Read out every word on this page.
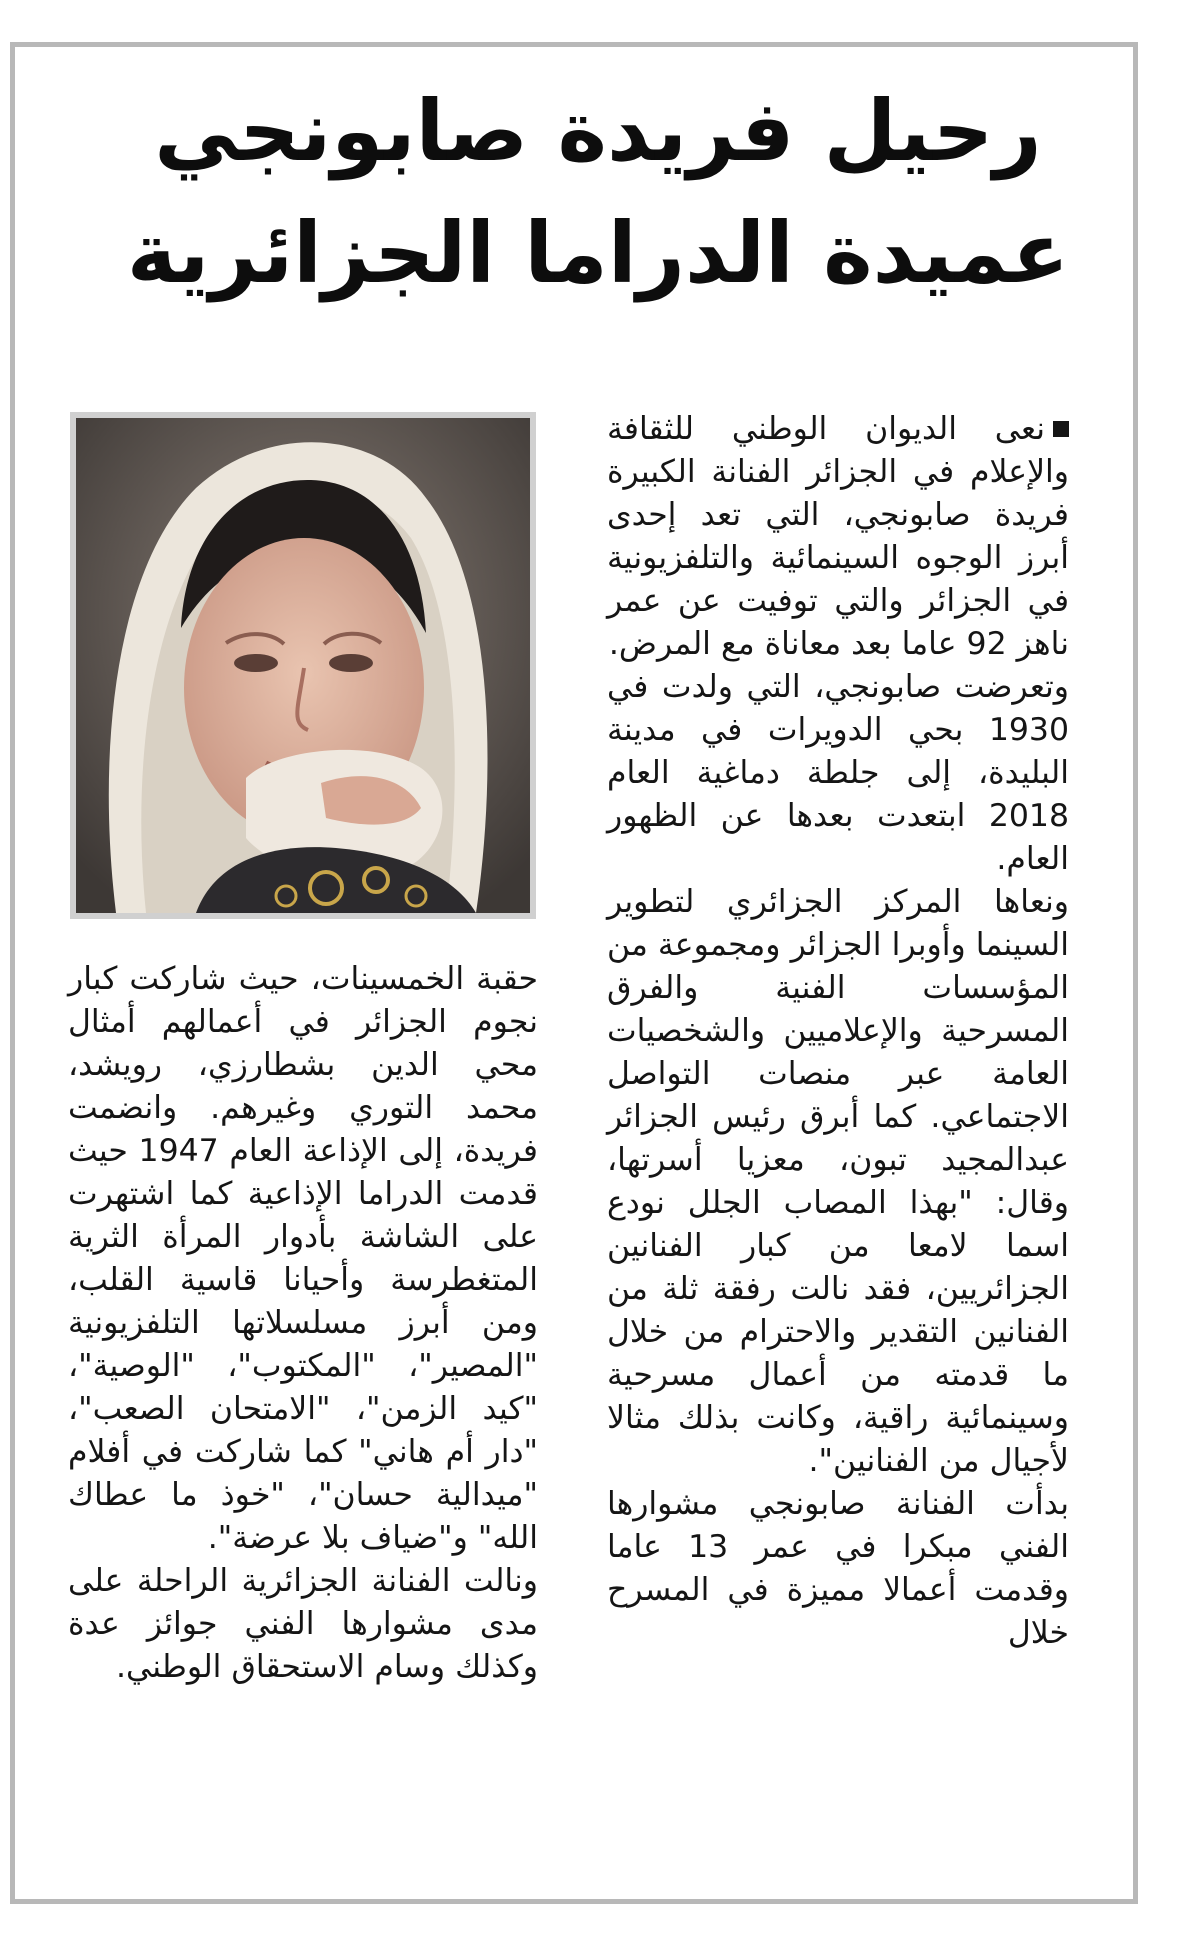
رحيل فريدة صابونجي
عميدة الدراما الجزائرية

نعى الديوان الوطني للثقافة والإعلام في الجزائر الفنانة الكبيرة فريدة صابونجي، التي تعد إحدى أبرز الوجوه السينمائية والتلفزيونية في الجزائر والتي توفيت عن عمر ناهز 92 عاما بعد معاناة مع المرض.

وتعرضت صابونجي، التي ولدت في 1930 بحي الدويرات في مدينة البليدة، إلى جلطة دماغية العام 2018 ابتعدت بعدها عن الظهور العام.

ونعاها المركز الجزائري لتطوير السينما وأوبرا الجزائر ومجموعة من المؤسسات الفنية والفرق المسرحية والإعلاميين والشخصيات العامة عبر منصات التواصل الاجتماعي. كما أبرق رئيس الجزائر عبدالمجيد تبون، معزيا أسرتها، وقال: "بهذا المصاب الجلل نودع اسما لامعا من كبار الفنانين الجزائريين، فقد نالت رفقة ثلة من الفنانين التقدير والاحترام من خلال ما قدمته من أعمال مسرحية وسينمائية راقية، وكانت بذلك مثالا لأجيال من الفنانين".

بدأت الفنانة صابونجي مشوارها الفني مبكرا في عمر 13 عاما وقدمت أعمالا مميزة في المسرح خلال

حقبة الخمسينات، حيث شاركت كبار نجوم الجزائر في أعمالهم أمثال محي الدين بشطارزي، رويشد، محمد التوري وغيرهم. وانضمت فريدة، إلى الإذاعة العام 1947 حيث قدمت الدراما الإذاعية كما اشتهرت على الشاشة بأدوار المرأة الثرية المتغطرسة وأحيانا قاسية القلب، ومن أبرز مسلسلاتها التلفزيونية "المصير"، "المكتوب"، "الوصية"، "كيد الزمن"، "الامتحان الصعب"، "دار أم هاني" كما شاركت في أفلام "ميدالية حسان"، "خوذ ما عطاك الله" و"ضياف بلا عرضة".

ونالت الفنانة الجزائرية الراحلة على مدى مشوارها الفني جوائز عدة وكذلك وسام الاستحقاق الوطني.
